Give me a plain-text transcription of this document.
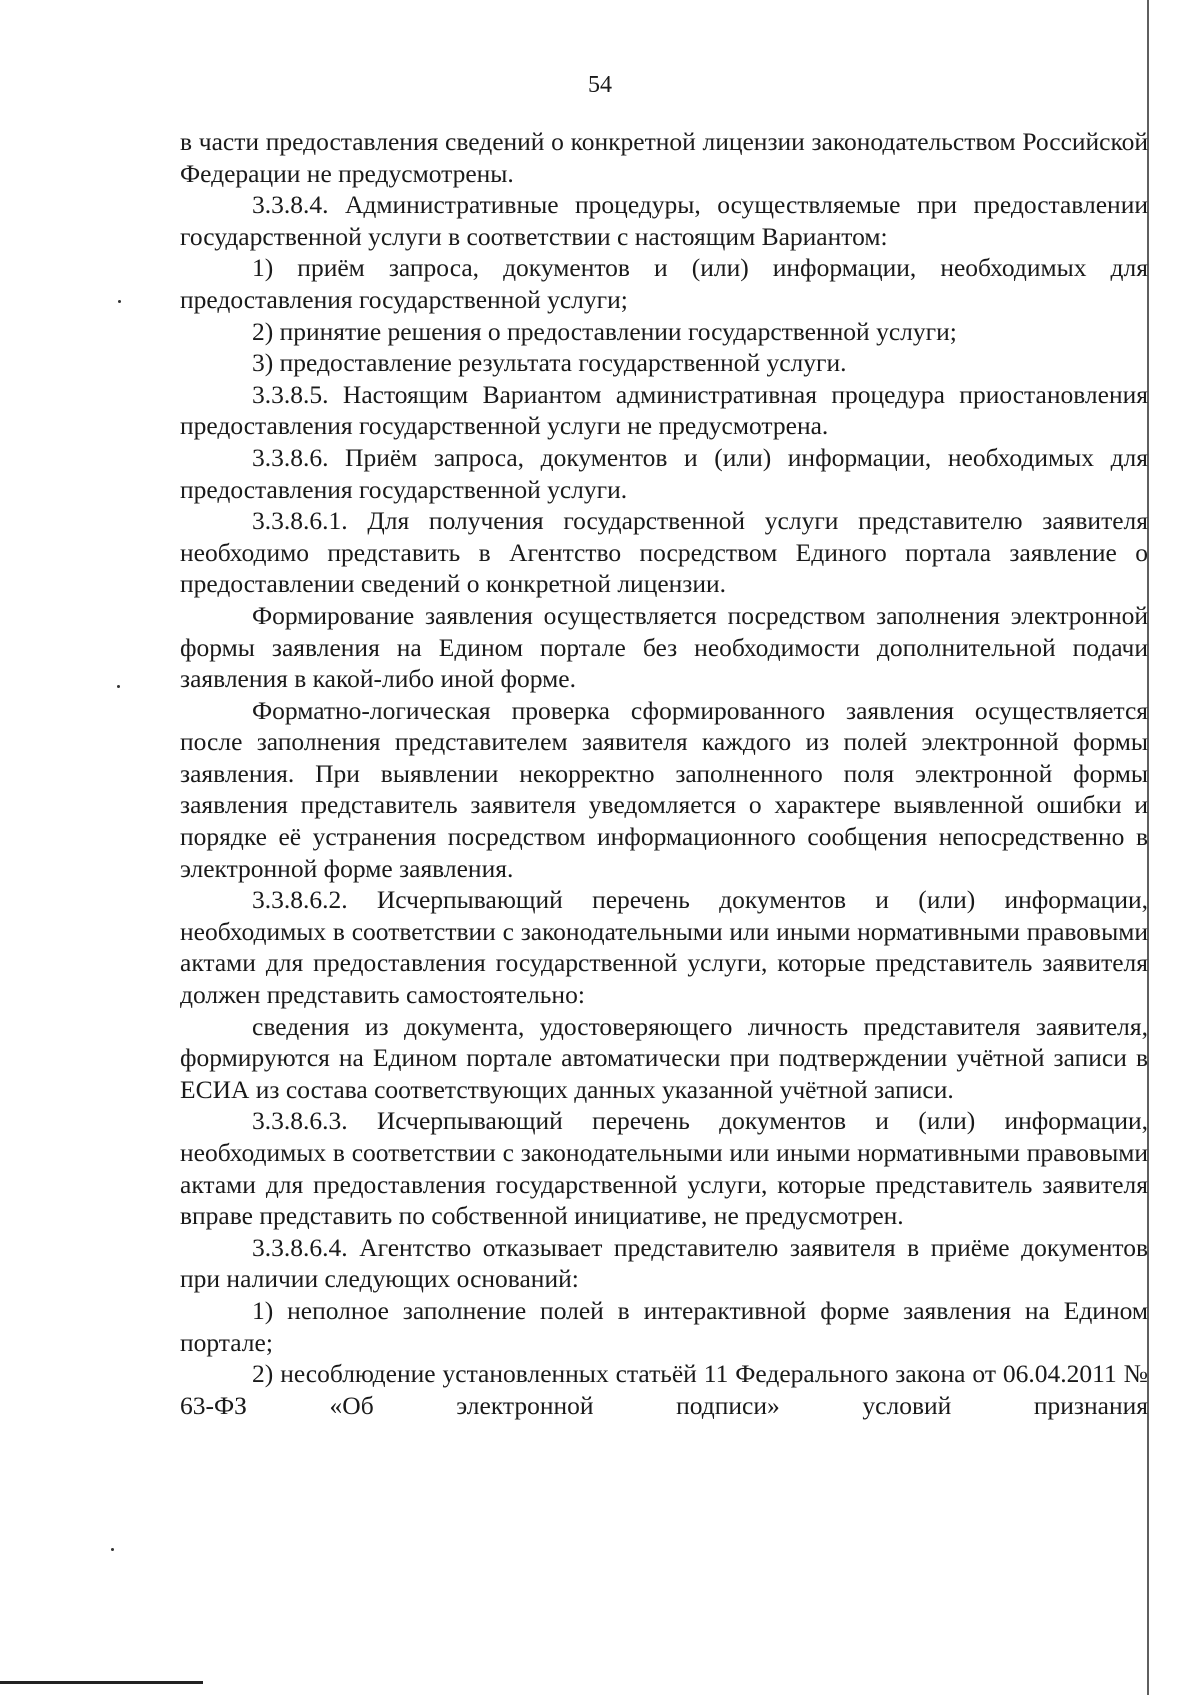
54

в части предоставления сведений о конкретной лицензии законодательством Российской Федерации не предусмотрены.

3.3.8.4. Административные процедуры, осуществляемые при предоставлении государственной услуги в соответствии с настоящим Вариантом:

1) приём запроса, документов и (или) информации, необходимых для предоставления государственной услуги;

2) принятие решения о предоставлении государственной услуги;

3) предоставление результата государственной услуги.

3.3.8.5. Настоящим Вариантом административная процедура приостановления предоставления государственной услуги не предусмотрена.

3.3.8.6. Приём запроса, документов и (или) информации, необходимых для предоставления государственной услуги.

3.3.8.6.1. Для получения государственной услуги представителю заявителя необходимо представить в Агентство посредством Единого портала заявление о предоставлении сведений о конкретной лицензии.

Формирование заявления осуществляется посредством заполнения электронной формы заявления на Едином портале без необходимости дополнительной подачи заявления в какой-либо иной форме.

Форматно-логическая проверка сформированного заявления осуществляется после заполнения представителем заявителя каждого из полей электронной формы заявления. При выявлении некорректно заполненного поля электронной формы заявления представитель заявителя уведомляется о характере выявленной ошибки и порядке её устранения посредством информационного сообщения непосредственно в электронной форме заявления.

3.3.8.6.2. Исчерпывающий перечень документов и (или) информации, необходимых в соответствии с законодательными или иными нормативными правовыми актами для предоставления государственной услуги, которые представитель заявителя должен представить самостоятельно:

сведения из документа, удостоверяющего личность представителя заявителя, формируются на Едином портале автоматически при подтверждении учётной записи в ЕСИА из состава соответствующих данных указанной учётной записи.

3.3.8.6.3. Исчерпывающий перечень документов и (или) информации, необходимых в соответствии с законодательными или иными нормативными правовыми актами для предоставления государственной услуги, которые представитель заявителя вправе представить по собственной инициативе, не предусмотрен.

3.3.8.6.4. Агентство отказывает представителю заявителя в приёме документов при наличии следующих оснований:

1) неполное заполнение полей в интерактивной форме заявления на Едином портале;

2) несоблюдение установленных статьёй 11 Федерального закона от 06.04.2011 № 63-ФЗ «Об электронной подписи» условий признания
